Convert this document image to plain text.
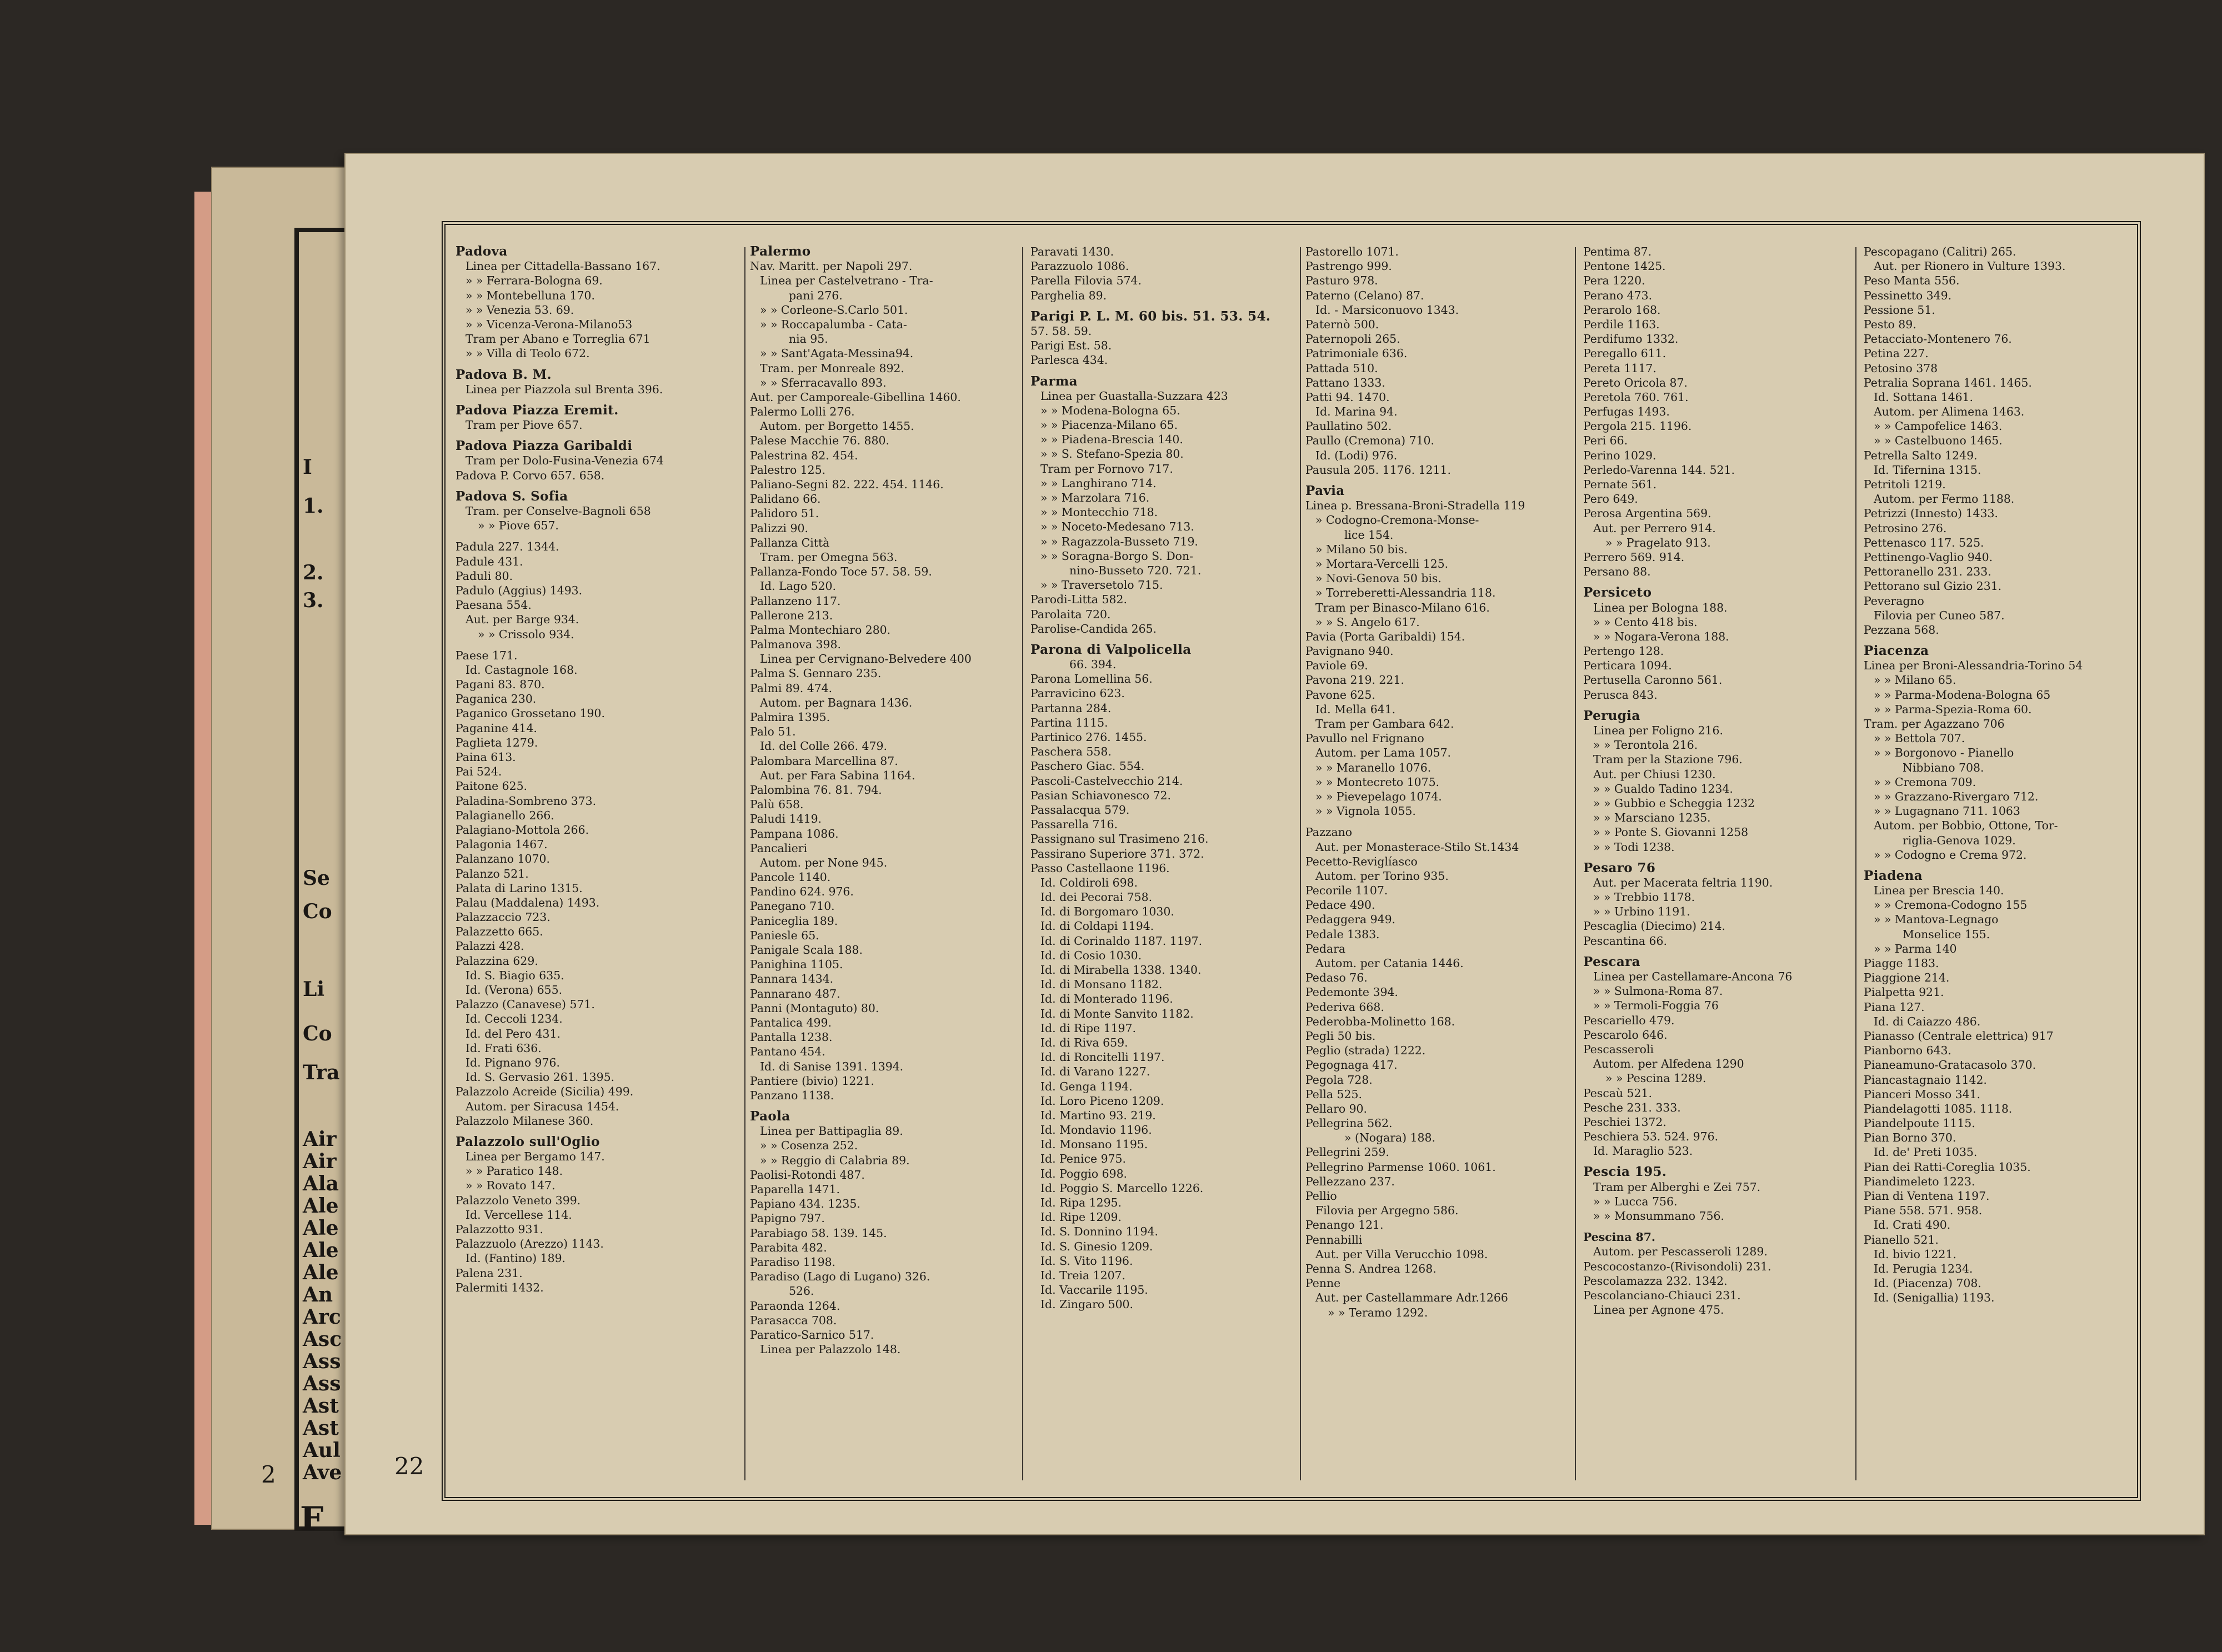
I
1.
2.
3.
Se
Co
Li
Co
Tra
Air
Air
Ala
Ale
Ale
Ale
Ale
An
Arc
Asc
Ass
Ass
Ast
Ast
Aul
Ave
F
2	22
Padova
Linea per Cittadella-Bassano 167.
» » Ferrara-Bologna 69.
» » Montebelluna 170.
» » Venezia 53. 69.
» » Vicenza-Verona-Milano53
Tram per Abano e Torreglia 671
» » Villa di Teolo 672.
Padova B. M.
Linea per Piazzola sul Brenta 396.
Padova Piazza Eremit.
Tram per Piove 657.
Padova Piazza Garibaldi
Tram per Dolo-Fusina-Venezia 674
Padova P. Corvo 657. 658.
Padova S. Sofia
Tram. per Conselve-Bagnoli 658
» » Piove 657.
Padula 227. 1344.
Padule 431.
Paduli 80.
Padulo (Aggius) 1493.
Paesana 554.
Aut. per Barge 934.
» » Crissolo 934.
Paese 171.
Id. Castagnole 168.
Pagani 83. 870.
Paganica 230.
Paganico Grossetano 190.
Paganine 414.
Paglieta 1279.
Paina 613.
Pai 524.
Paitone 625.
Paladina-Sombreno 373.
Palagianello 266.
Palagiano-Mottola 266.
Palagonia 1467.
Palanzano 1070.
Palanzo 521.
Palata di Larino 1315.
Palau (Maddalena) 1493.
Palazzaccio 723.
Palazzetto 665.
Palazzi 428.
Palazzina 629.
Id. S. Biagio 635.
Id. (Verona) 655.
Palazzo (Canavese) 571.
Id. Ceccoli 1234.
Id. del Pero 431.
Id. Frati 636.
Id. Pignano 976.
Id. S. Gervasio 261. 1395.
Palazzolo Acreide (Sicilia) 499.
Autom. per Siracusa 1454.
Palazzolo Milanese 360.
Palazzolo sull'Oglio
Linea per Bergamo 147.
» » Paratico 148.
» » Rovato 147.
Palazzolo Veneto 399.
Id. Vercellese 114.
Palazzotto 931.
Palazzuolo (Arezzo) 1143.
Id. (Fantino) 189.
Palena 231.
Palermiti 1432.
Palermo
Nav. Maritt. per Napoli 297.
Linea per Castelvetrano - Tra-
pani 276.
» » Corleone-S.Carlo 501.
» » Roccapalumba - Cata-
nia 95.
» » Sant'Agata-Messina94.
Tram. per Monreale 892.
» » Sferracavallo 893.
Aut. per Camporeale-Gibellina 1460.
Palermo Lolli 276.
Autom. per Borgetto 1455.
Palese Macchie 76. 880.
Palestrina 82. 454.
Palestro 125.
Paliano-Segni 82. 222. 454. 1146.
Palidano 66.
Palidoro 51.
Palizzi 90.
Pallanza Città
Tram. per Omegna 563.
Pallanza-Fondo Toce 57. 58. 59.
Id. Lago 520.
Pallanzeno 117.
Pallerone 213.
Palma Montechiaro 280.
Palmanova 398.
Linea per Cervignano-Belvedere 400
Palma S. Gennaro 235.
Palmi 89. 474.
Autom. per Bagnara 1436.
Palmira 1395.
Palo 51.
Id. del Colle 266. 479.
Palombara Marcellina 87.
Aut. per Fara Sabina 1164.
Palombina 76. 81. 794.
Palù 658.
Paludi 1419.
Pampana 1086.
Pancalieri
Autom. per None 945.
Pancole 1140.
Pandino 624. 976.
Panegano 710.
Paniceglia 189.
Paniesle 65.
Panigale Scala 188.
Panighina 1105.
Pannara 1434.
Pannarano 487.
Panni (Montaguto) 80.
Pantalica 499.
Pantalla 1238.
Pantano 454.
Id. di Sanise 1391. 1394.
Pantiere (bivio) 1221.
Panzano 1138.
Paola
Linea per Battipaglia 89.
» » Cosenza 252.
» » Reggio di Calabria 89.
Paolisi-Rotondi 487.
Paparella 1471.
Papiano 434. 1235.
Papigno 797.
Parabiago 58. 139. 145.
Parabita 482.
Paradiso 1198.
Paradiso (Lago di Lugano) 326.
526.
Paraonda 1264.
Parasacca 708.
Paratico-Sarnico 517.
Linea per Palazzolo 148.
Paravati 1430.
Parazzuolo 1086.
Parella Filovia 574.
Parghelia 89.
Parigi P. L. M. 60 bis. 51. 53. 54.
57. 58. 59.
Parigi Est. 58.
Parlesca 434.
Parma
Linea per Guastalla-Suzzara 423
» » Modena-Bologna 65.
» » Piacenza-Milano 65.
» » Piadena-Brescia 140.
» » S. Stefano-Spezia 80.
Tram per Fornovo 717.
» » Langhirano 714.
» » Marzolara 716.
» » Montecchio 718.
» » Noceto-Medesano 713.
» » Ragazzola-Busseto 719.
» » Soragna-Borgo S. Don-
nino-Busseto 720. 721.
» » Traversetolo 715.
Parodi-Litta 582.
Parolaita 720.
Parolise-Candida 265.
Parona di Valpolicella
66. 394.
Parona Lomellina 56.
Parravicino 623.
Partanna 284.
Partina 1115.
Partinico 276. 1455.
Paschera 558.
Paschero Giac. 554.
Pascoli-Castelvecchio 214.
Pasian Schiavonesco 72.
Passalacqua 579.
Passarella 716.
Passignano sul Trasimeno 216.
Passirano Superiore 371. 372.
Passo Castellaone 1196.
Id. Coldiroli 698.
Id. dei Pecorai 758.
Id. di Borgomaro 1030.
Id. di Coldapi 1194.
Id. di Corinaldo 1187. 1197.
Id. di Cosio 1030.
Id. di Mirabella 1338. 1340.
Id. di Monsano 1182.
Id. di Monterado 1196.
Id. di Monte Sanvito 1182.
Id. di Ripe 1197.
Id. di Riva 659.
Id. di Roncitelli 1197.
Id. di Varano 1227.
Id. Genga 1194.
Id. Loro Piceno 1209.
Id. Martino 93. 219.
Id. Mondavio 1196.
Id. Monsano 1195.
Id. Penice 975.
Id. Poggio 698.
Id. Poggio S. Marcello 1226.
Id. Ripa 1295.
Id. Ripe 1209.
Id. S. Donnino 1194.
Id. S. Ginesio 1209.
Id. S. Vito 1196.
Id. Treia 1207.
Id. Vaccarile 1195.
Id. Zingaro 500.
Pastorello 1071.
Pastrengo 999.
Pasturo 978.
Paterno (Celano) 87.
Id. - Marsiconuovo 1343.
Paternò 500.
Paternopoli 265.
Patrimoniale 636.
Pattada 510.
Pattano 1333.
Patti 94. 1470.
Id. Marina 94.
Paullatino 502.
Paullo (Cremona) 710.
Id. (Lodi) 976.
Pausula 205. 1176. 1211.
Pavia
Linea p. Bressana-Broni-Stradella 119
» Codogno-Cremona-Monse-
lice 154.
» Milano 50 bis.
» Mortara-Vercelli 125.
» Novi-Genova 50 bis.
» Torreberetti-Alessandria 118.
Tram per Binasco-Milano 616.
» » S. Angelo 617.
Pavia (Porta Garibaldi) 154.
Pavignano 940.
Paviole 69.
Pavona 219. 221.
Pavone 625.
Id. Mella 641.
Tram per Gambara 642.
Pavullo nel Frignano
Autom. per Lama 1057.
» » Maranello 1076.
» » Montecreto 1075.
» » Pievepelago 1074.
» » Vignola 1055.
Pazzano
Aut. per Monasterace-Stilo St.1434
Pecetto-Reviglíasco
Autom. per Torino 935.
Pecorile 1107.
Pedace 490.
Pedaggera 949.
Pedale 1383.
Pedara
Autom. per Catania 1446.
Pedaso 76.
Pedemonte 394.
Pederiva 668.
Pederobba-Molinetto 168.
Pegli 50 bis.
Peglio (strada) 1222.
Pegognaga 417.
Pegola 728.
Pella 525.
Pellaro 90.
Pellegrina 562.
» (Nogara) 188.
Pellegrini 259.
Pellegrino Parmense 1060. 1061.
Pellezzano 237.
Pellio
Filovia per Argegno 586.
Penango 121.
Pennabilli
Aut. per Villa Verucchio 1098.
Penna S. Andrea 1268.
Penne
Aut. per Castellammare Adr.1266
» » Teramo 1292.
Pentima 87.
Pentone 1425.
Pera 1220.
Perano 473.
Perarolo 168.
Perdile 1163.
Perdifumo 1332.
Peregallo 611.
Pereta 1117.
Pereto Oricola 87.
Peretola 760. 761.
Perfugas 1493.
Pergola 215. 1196.
Peri 66.
Perino 1029.
Perledo-Varenna 144. 521.
Pernate 561.
Pero 649.
Perosa Argentina 569.
Aut. per Perrero 914.
» » Pragelato 913.
Perrero 569. 914.
Persano 88.
Persiceto
Linea per Bologna 188.
» » Cento 418 bis.
» » Nogara-Verona 188.
Pertengo 128.
Perticara 1094.
Pertusella Caronno 561.
Perusca 843.
Perugia
Linea per Foligno 216.
» » Terontola 216.
Tram per la Stazione 796.
Aut. per Chiusi 1230.
» » Gualdo Tadino 1234.
» » Gubbio e Scheggia 1232
» » Marsciano 1235.
» » Ponte S. Giovanni 1258
» » Todi 1238.
Pesaro 76
Aut. per Macerata feltria 1190.
» » Trebbio 1178.
» » Urbino 1191.
Pescaglia (Diecimo) 214.
Pescantina 66.
Pescara
Linea per Castellamare-Ancona 76
» » Sulmona-Roma 87.
» » Termoli-Foggia 76
Pescariello 479.
Pescarolo 646.
Pescasseroli
Autom. per Alfedena 1290
» » Pescina 1289.
Pescaù 521.
Pesche 231. 333.
Peschiei 1372.
Peschiera 53. 524. 976.
Id. Maraglio 523.
Pescia 195.
Tram per Alberghi e Zei 757.
» » Lucca 756.
» » Monsummano 756.
Pescina 87.
Autom. per Pescasseroli 1289.
Pescocostanzo-(Rivisondoli) 231.
Pescolamazza 232. 1342.
Pescolanciano-Chiauci 231.
Linea per Agnone 475.
Pescopagano (Calitri) 265.
Aut. per Rionero in Vulture 1393.
Peso Manta 556.
Pessinetto 349.
Pessione 51.
Pesto 89.
Petacciato-Montenero 76.
Petina 227.
Petosino 378
Petralia Soprana 1461. 1465.
Id. Sottana 1461.
Autom. per Alimena 1463.
» » Campofelice 1463.
» » Castelbuono 1465.
Petrella Salto 1249.
Id. Tifernina 1315.
Petritoli 1219.
Autom. per Fermo 1188.
Petrizzi (Innesto) 1433.
Petrosino 276.
Pettenasco 117. 525.
Pettinengo-Vaglio 940.
Pettoranello 231. 233.
Pettorano sul Gizio 231.
Peveragno
Filovia per Cuneo 587.
Pezzana 568.
Piacenza
Linea per Broni-Alessandria-Torino 54
» » Milano 65.
» » Parma-Modena-Bologna 65
» » Parma-Spezia-Roma 60.
Tram. per Agazzano 706
» » Bettola 707.
» » Borgonovo - Pianello
Nibbiano 708.
» » Cremona 709.
» » Grazzano-Rivergaro 712.
» » Lugagnano 711. 1063
Autom. per Bobbio, Ottone, Tor-
riglia-Genova 1029.
» » Codogno e Crema 972.
Piadena
Linea per Brescia 140.
» » Cremona-Codogno 155
» » Mantova-Legnago
Monselice 155.
» » Parma 140
Piagge 1183.
Piaggione 214.
Pialpetta 921.
Piana 127.
Id. di Caiazzo 486.
Pianasso (Centrale elettrica) 917
Pianborno 643.
Pianeamuno-Gratacasolo 370.
Piancastagnaio 1142.
Pianceri Mosso 341.
Piandelagotti 1085. 1118.
Piandelpoute 1115.
Pian Borno 370.
Id. de' Preti 1035.
Pian dei Ratti-Coreglia 1035.
Piandimeleto 1223.
Pian di Ventena 1197.
Piane 558. 571. 958.
Id. Crati 490.
Pianello 521.
Id. bivio 1221.
Id. Perugia 1234.
Id. (Piacenza) 708.
Id. (Senigallia) 1193.
